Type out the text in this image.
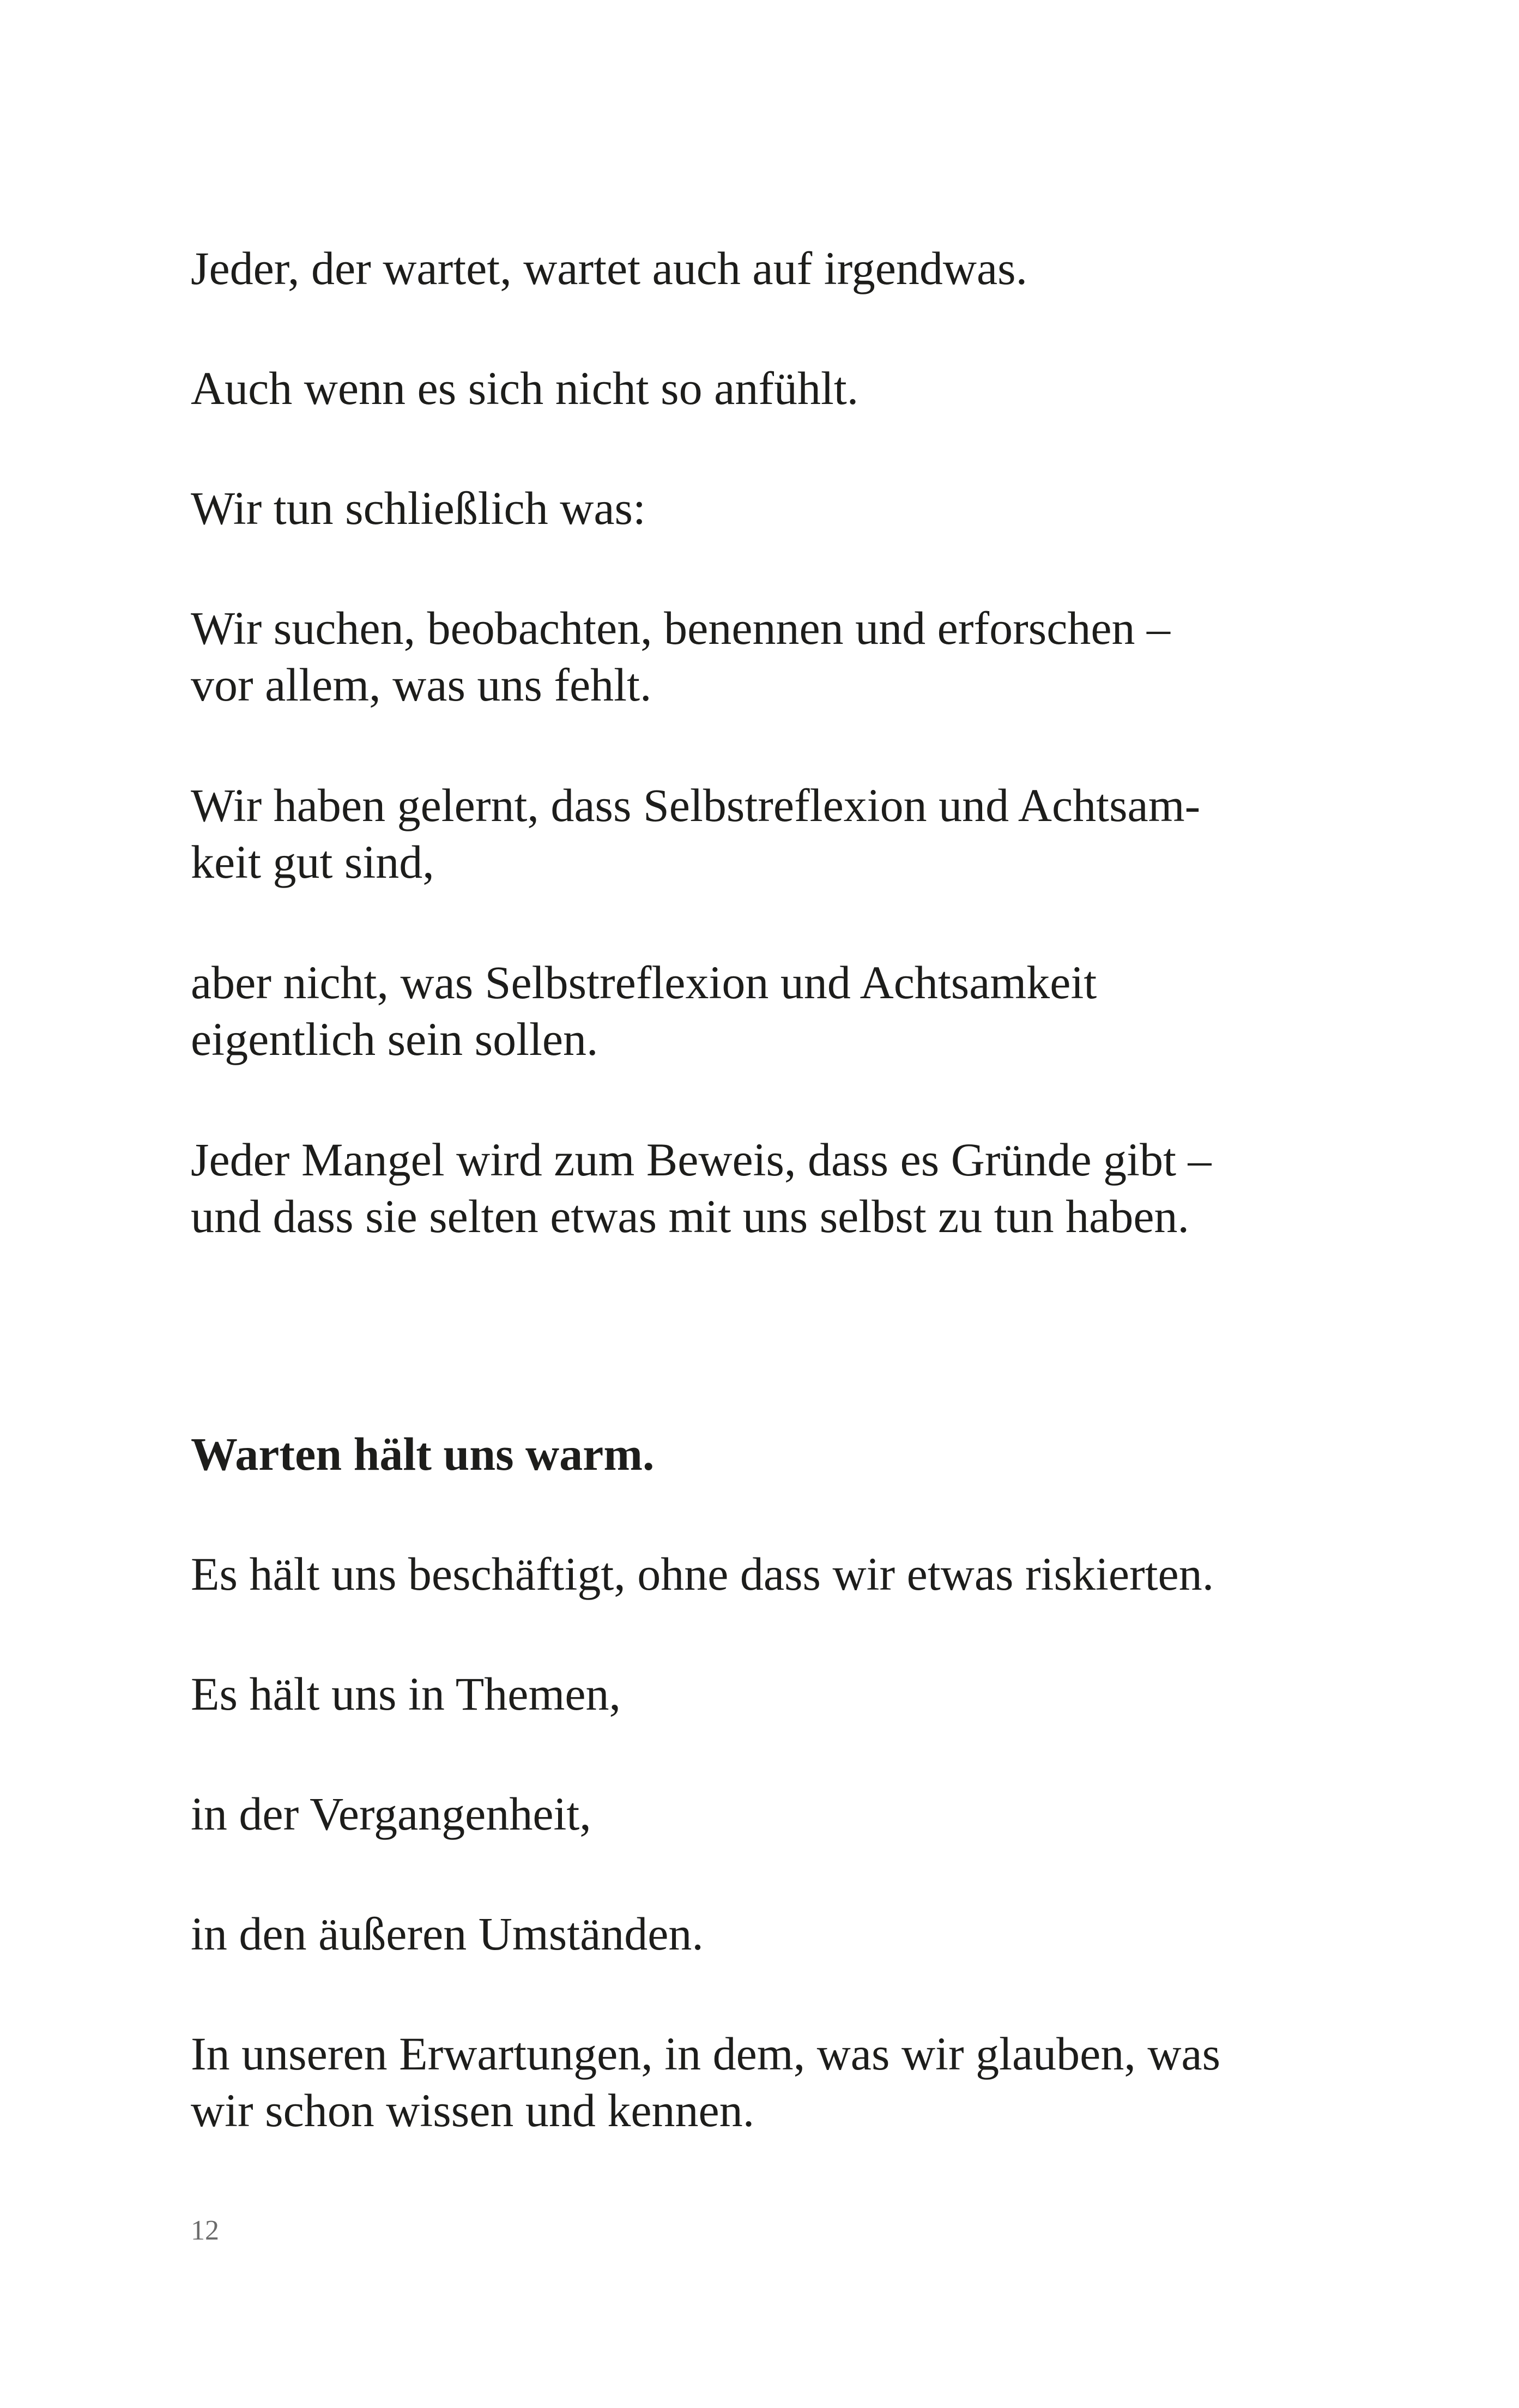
Jeder, der wartet, wartet auch auf irgendwas.

Auch wenn es sich nicht so anfühlt.

Wir tun schließlich was:

Wir suchen, beobachten, benennen und erforschen –
vor allem, was uns fehlt.

Wir haben gelernt, dass Selbstreflexion und Achtsam-
keit gut sind,

aber nicht, was Selbstreflexion und Achtsamkeit
eigentlich sein sollen.

Jeder Mangel wird zum Beweis, dass es Gründe gibt –
und dass sie selten etwas mit uns selbst zu tun haben.

Warten hält uns warm.

Es hält uns beschäftigt, ohne dass wir etwas riskierten.

Es hält uns in Themen,

in der Vergangenheit,

in den äußeren Umständen.

In unseren Erwartungen, in dem, was wir glauben, was
wir schon wissen und kennen.

12
